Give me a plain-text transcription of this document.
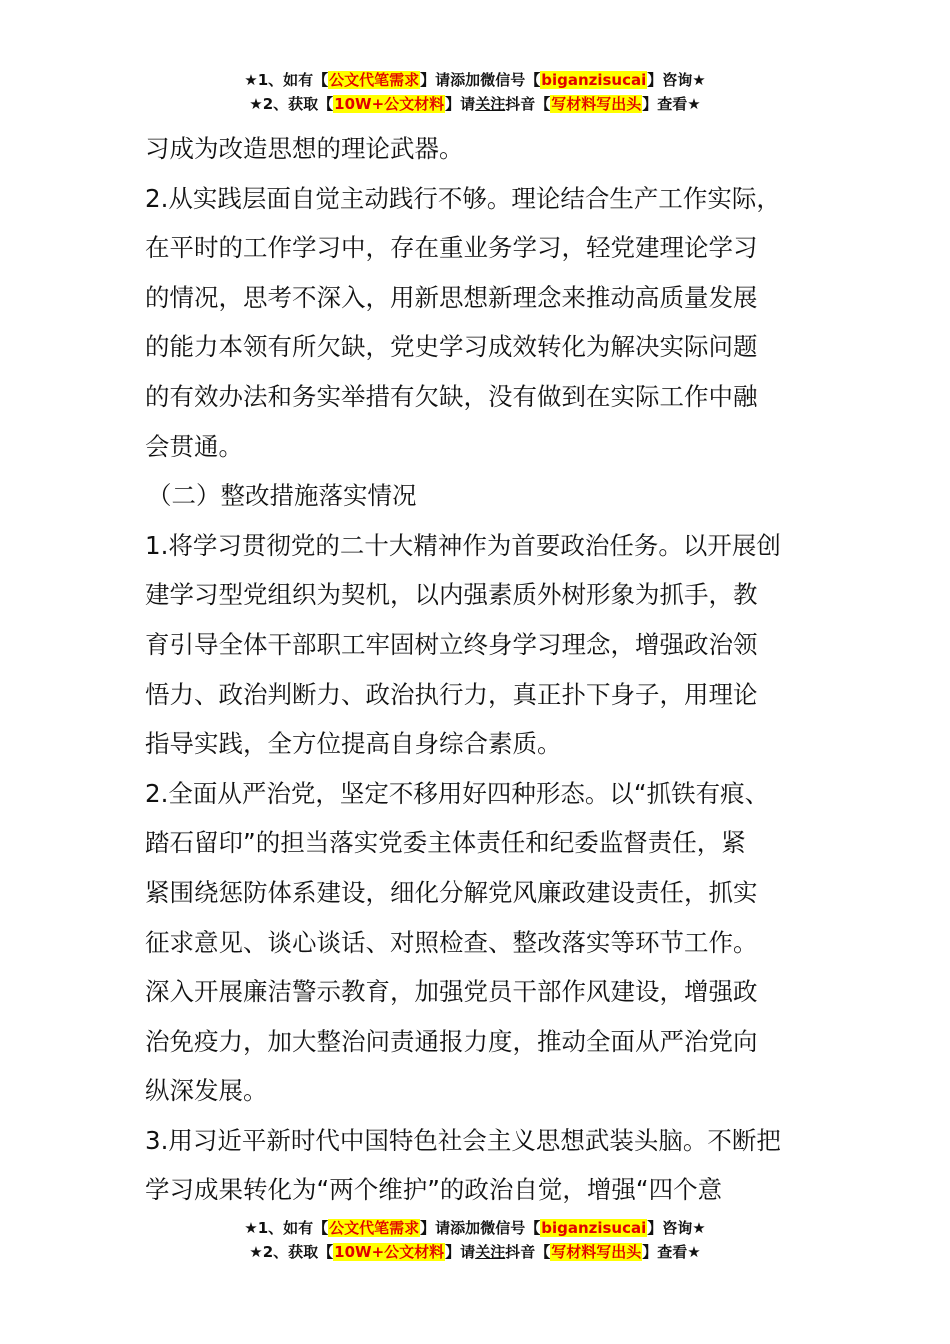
★1、如有【公文代笔需求】请添加微信号【biganzisucai】咨询★
★2、获取【10W+公文材料】请关注抖音【写材料写出头】查看★
习成为改造思想的理论武器。
2.从实践层面自觉主动践行不够。理论结合生产工作实际，
在平时的工作学习中，存在重业务学习，轻党建理论学习
的情况，思考不深入，用新思想新理念来推动高质量发展
的能力本领有所欠缺，党史学习成效转化为解决实际问题
的有效办法和务实举措有欠缺，没有做到在实际工作中融
会贯通。
（二）整改措施落实情况
1.将学习贯彻党的二十大精神作为首要政治任务。以开展创
建学习型党组织为契机，以内强素质外树形象为抓手，教
育引导全体干部职工牢固树立终身学习理念，增强政治领
悟力、政治判断力、政治执行力，真正扑下身子，用理论
指导实践，全方位提高自身综合素质。
2.全面从严治党，坚定不移用好四种形态。以“抓铁有痕、
踏石留印”的担当落实党委主体责任和纪委监督责任，紧
紧围绕惩防体系建设，细化分解党风廉政建设责任，抓实
征求意见、谈心谈话、对照检查、整改落实等环节工作。
深入开展廉洁警示教育，加强党员干部作风建设，增强政
治免疫力，加大整治问责通报力度，推动全面从严治党向
纵深发展。
3.用习近平新时代中国特色社会主义思想武装头脑。不断把
学习成果转化为“两个维护”的政治自觉，增强“四个意
★1、如有【公文代笔需求】请添加微信号【biganzisucai】咨询★
★2、获取【10W+公文材料】请关注抖音【写材料写出头】查看★
